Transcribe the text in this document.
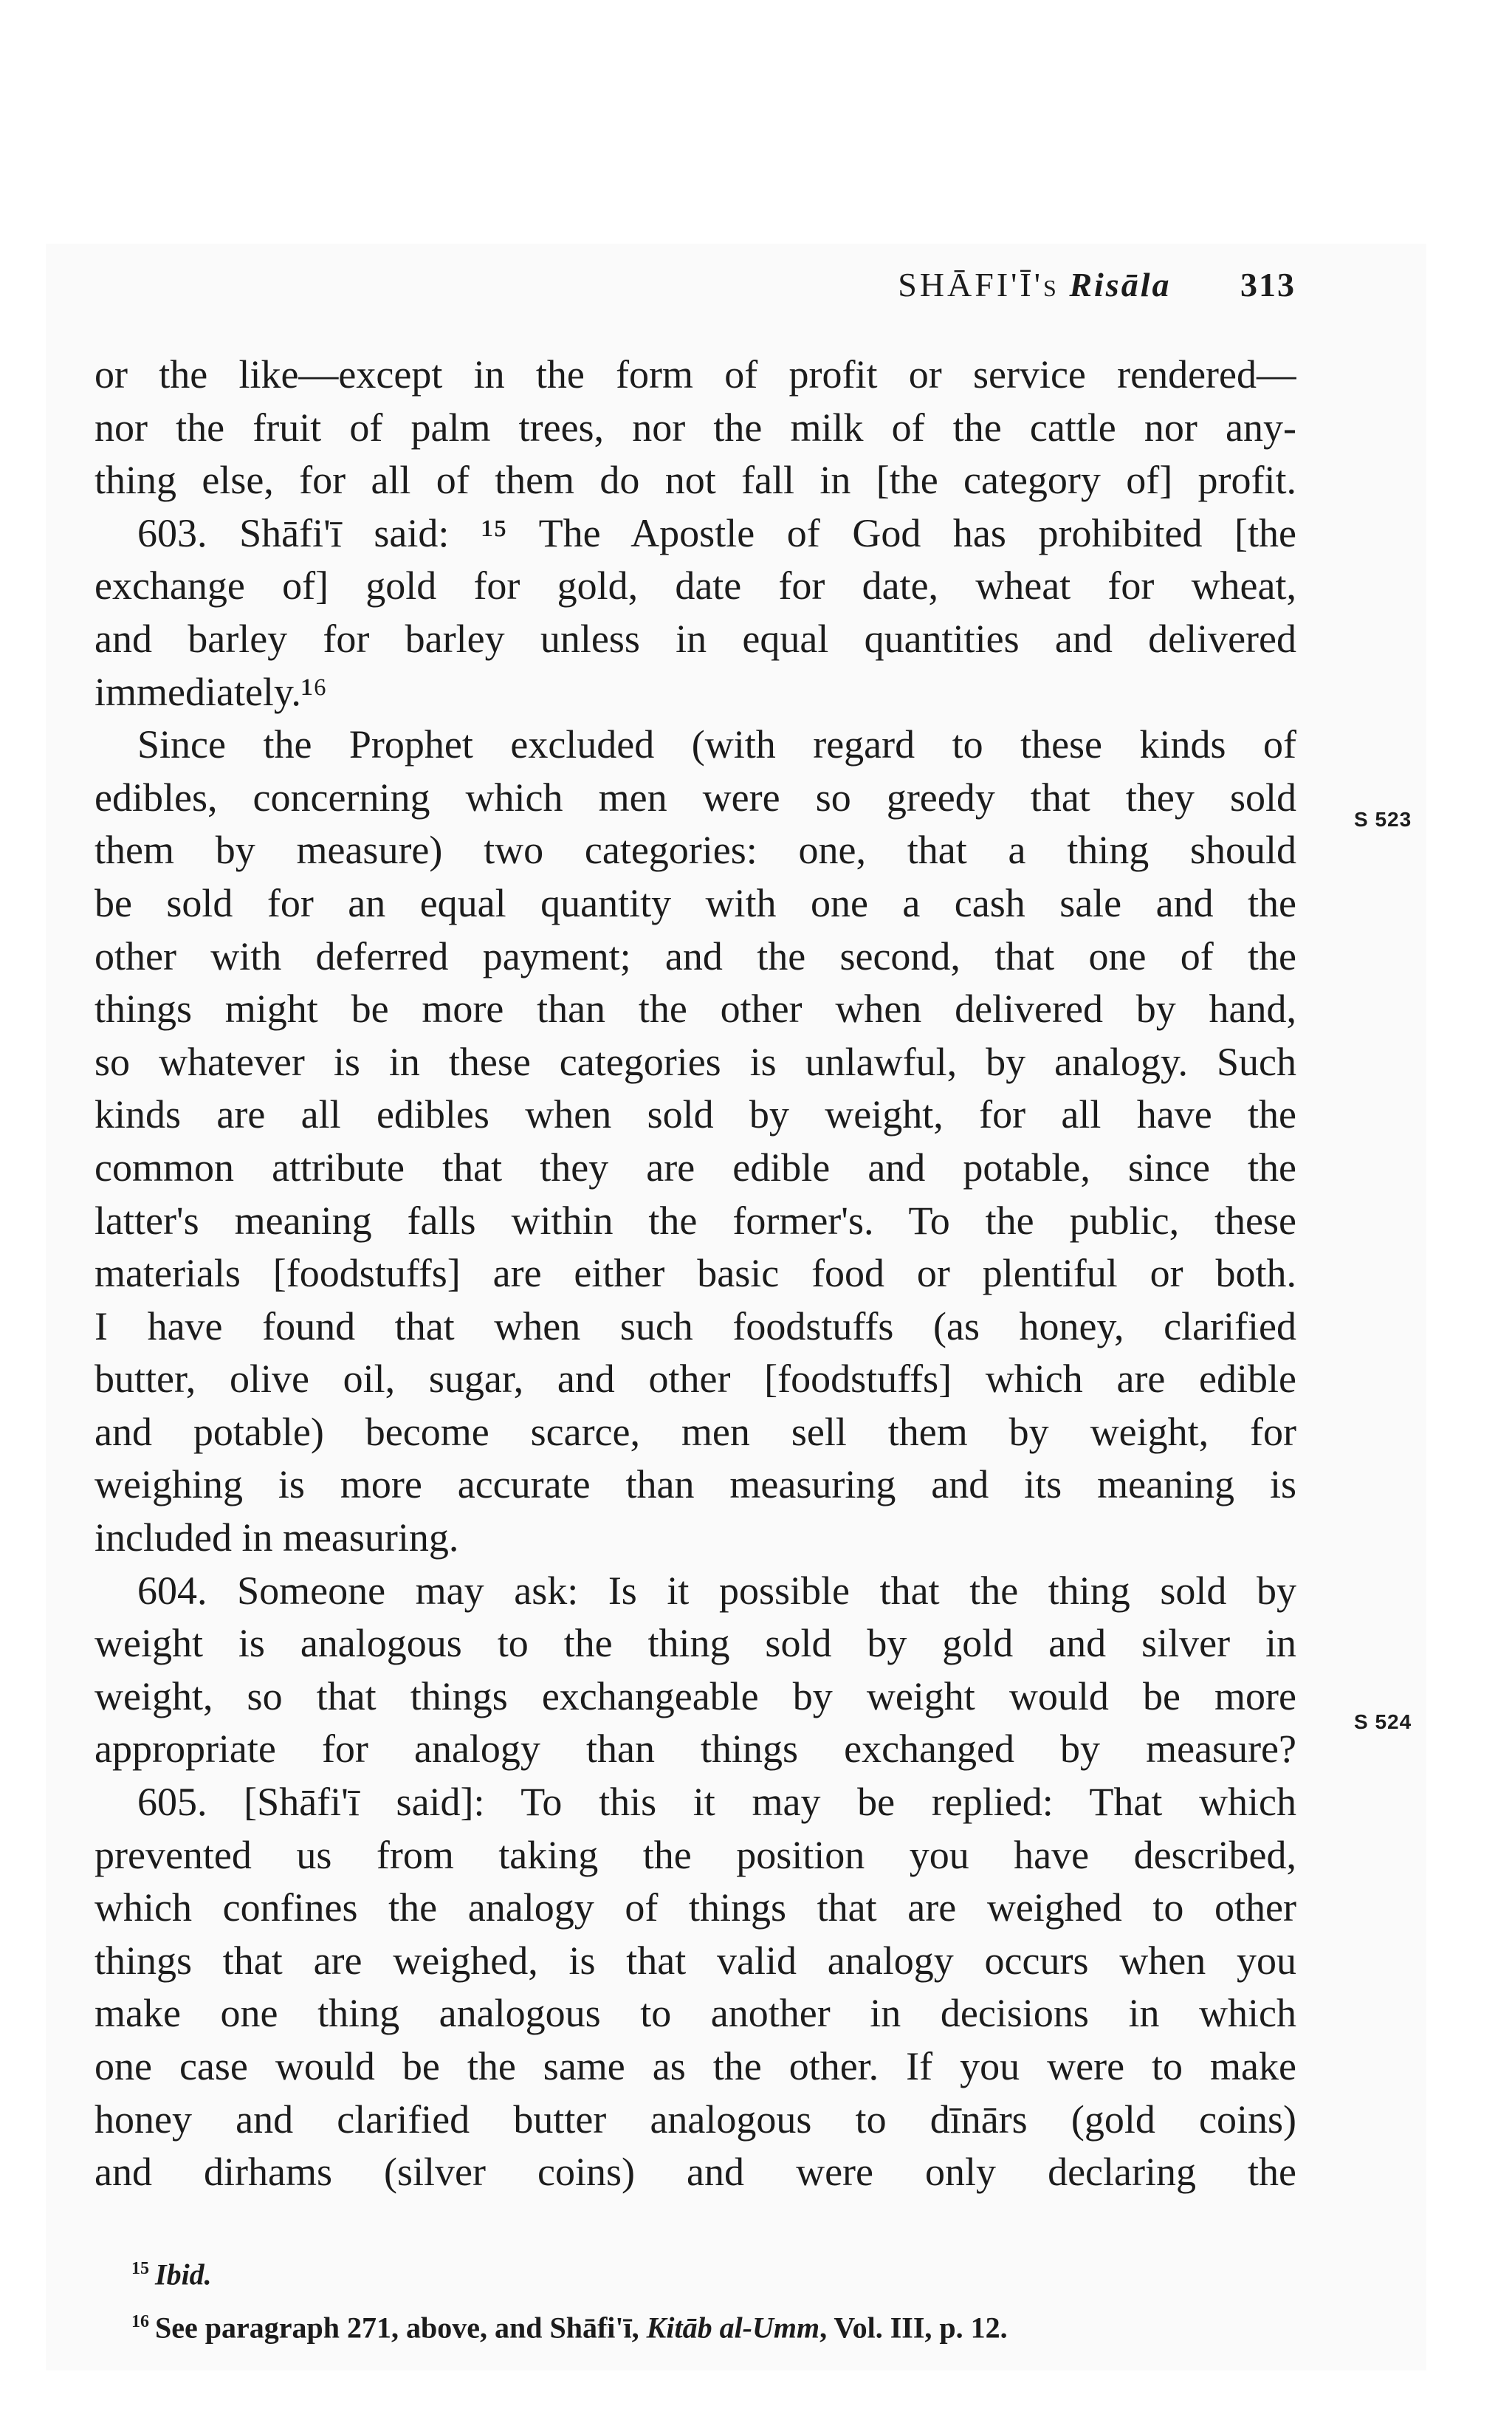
SHĀFI'Ī's Risāla 313
or the like—except in the form of profit or service rendered—
nor the fruit of palm trees, nor the milk of the cattle nor any-
thing else, for all of them do not fall in [the category of] profit.
603. Shāfi'ī said: ¹⁵ The Apostle of God has prohibited [the
exchange of] gold for gold, date for date, wheat for wheat,
and barley for barley unless in equal quantities and delivered
immediately.¹⁶
Since the Prophet excluded (with regard to these kinds of
edibles, concerning which men were so greedy that they sold
them by measure) two categories: one, that a thing should
be sold for an equal quantity with one a cash sale and the
other with deferred payment; and the second, that one of the
things might be more than the other when delivered by hand,
so whatever is in these categories is unlawful, by analogy. Such
kinds are all edibles when sold by weight, for all have the
common attribute that they are edible and potable, since the
latter's meaning falls within the former's. To the public, these
materials [foodstuffs] are either basic food or plentiful or both.
I have found that when such foodstuffs (as honey, clarified
butter, olive oil, sugar, and other [foodstuffs] which are edible
and potable) become scarce, men sell them by weight, for
weighing is more accurate than measuring and its meaning is
included in measuring.
604. Someone may ask: Is it possible that the thing sold by
weight is analogous to the thing sold by gold and silver in
weight, so that things exchangeable by weight would be more
appropriate for analogy than things exchanged by measure?
605. [Shāfi'ī said]: To this it may be replied: That which
prevented us from taking the position you have described,
which confines the analogy of things that are weighed to other
things that are weighed, is that valid analogy occurs when you
make one thing analogous to another in decisions in which
one case would be the same as the other. If you were to make
honey and clarified butter analogous to dīnārs (gold coins)
and dirhams (silver coins) and were only declaring the
S 523
S 524
$^{15}$ Ibid.
$^{16}$ See paragraph 271, above, and Shāfi'ī, Kitāb al-Umm, Vol. III, p. 12.
